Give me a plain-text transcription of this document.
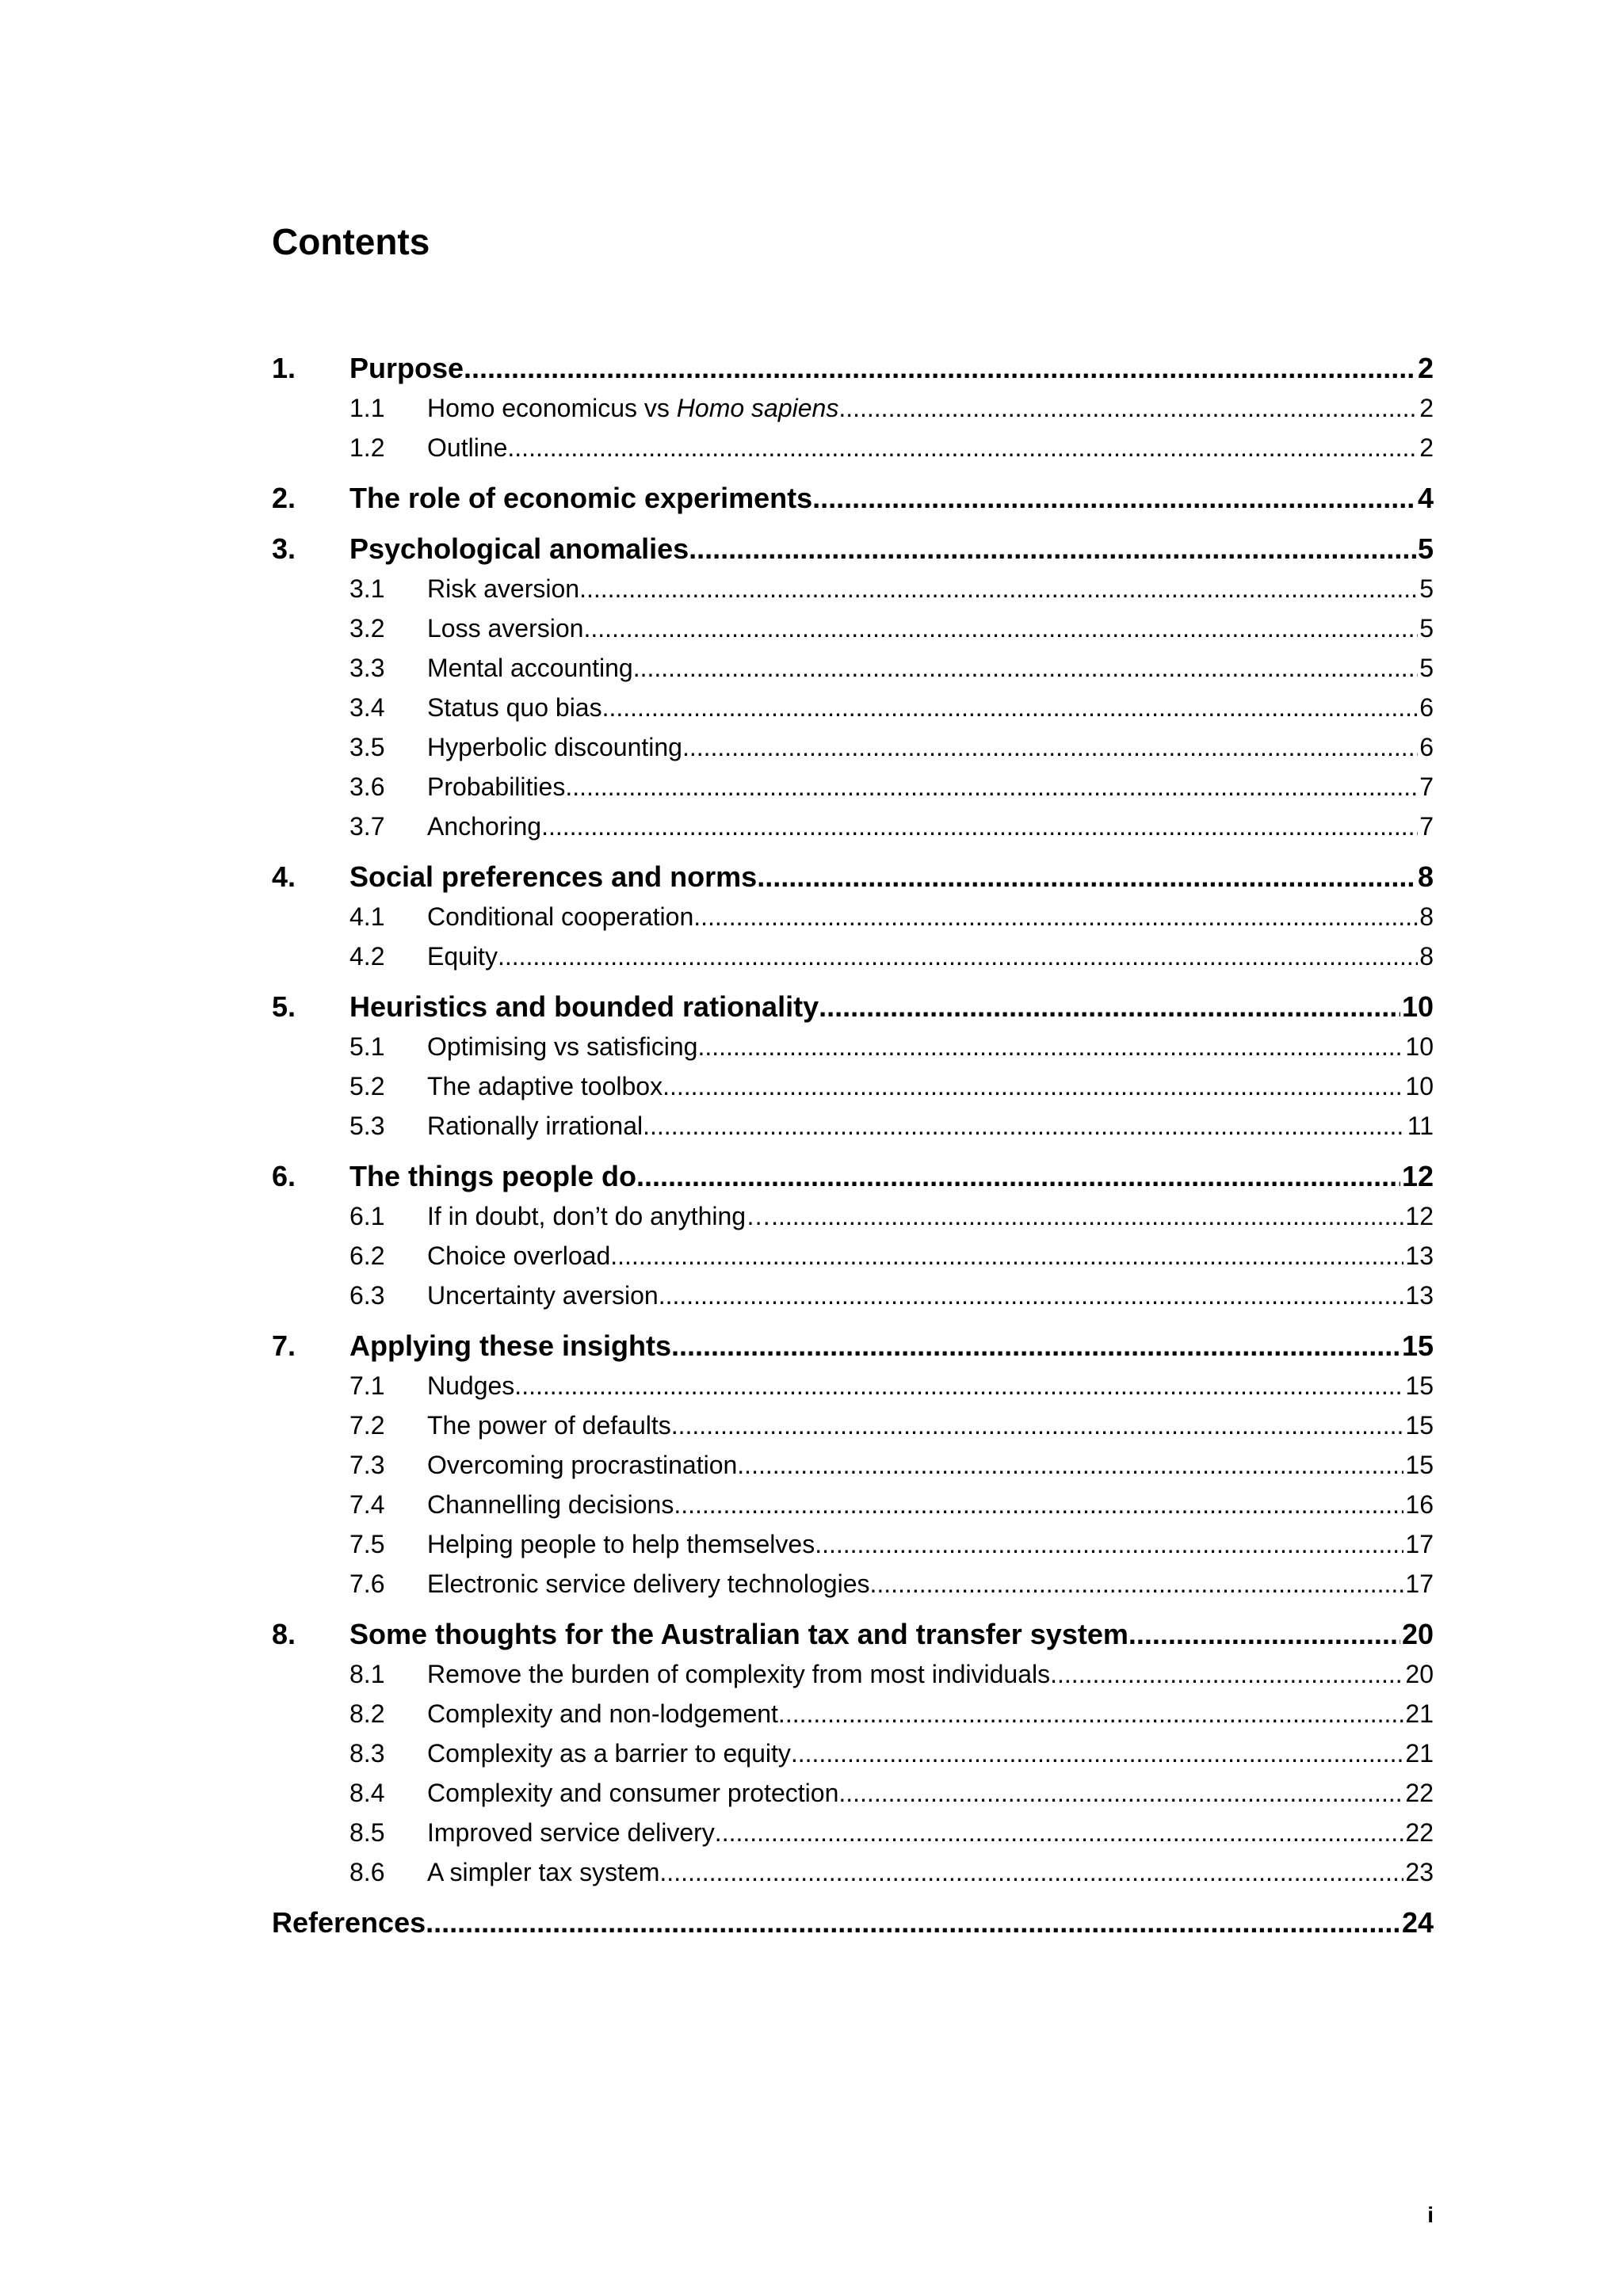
Contents
1.	Purpose .....	2
1.1	Homo economicus vs Homo sapiens .....	2
1.2	Outline .....	2
2.	The role of economic experiments .....	4
3.	Psychological anomalies .....	5
3.1	Risk aversion .....	5
3.2	Loss aversion .....	5
3.3	Mental accounting .....	5
3.4	Status quo bias .....	6
3.5	Hyperbolic discounting .....	6
3.6	Probabilities .....	7
3.7	Anchoring .....	7
4.	Social preferences and norms .....	8
4.1	Conditional cooperation .....	8
4.2	Equity .....	8
5.	Heuristics and bounded rationality .....	10
5.1	Optimising vs satisficing .....	10
5.2	The adaptive toolbox .....	10
5.3	Rationally irrational .....	11
6.	The things people do .....	12
6.1	If in doubt, don’t do anything… .....	12
6.2	Choice overload .....	13
6.3	Uncertainty aversion .....	13
7.	Applying these insights .....	15
7.1	Nudges .....	15
7.2	The power of defaults .....	15
7.3	Overcoming procrastination .....	15
7.4	Channelling decisions .....	16
7.5	Helping people to help themselves .....	17
7.6	Electronic service delivery technologies .....	17
8.	Some thoughts for the Australian tax and transfer system .....	20
8.1	Remove the burden of complexity from most individuals .....	20
8.2	Complexity and non-lodgement .....	21
8.3	Complexity as a barrier to equity .....	21
8.4	Complexity and consumer protection .....	22
8.5	Improved service delivery .....	22
8.6	A simpler tax system .....	23
References .....	24
i
